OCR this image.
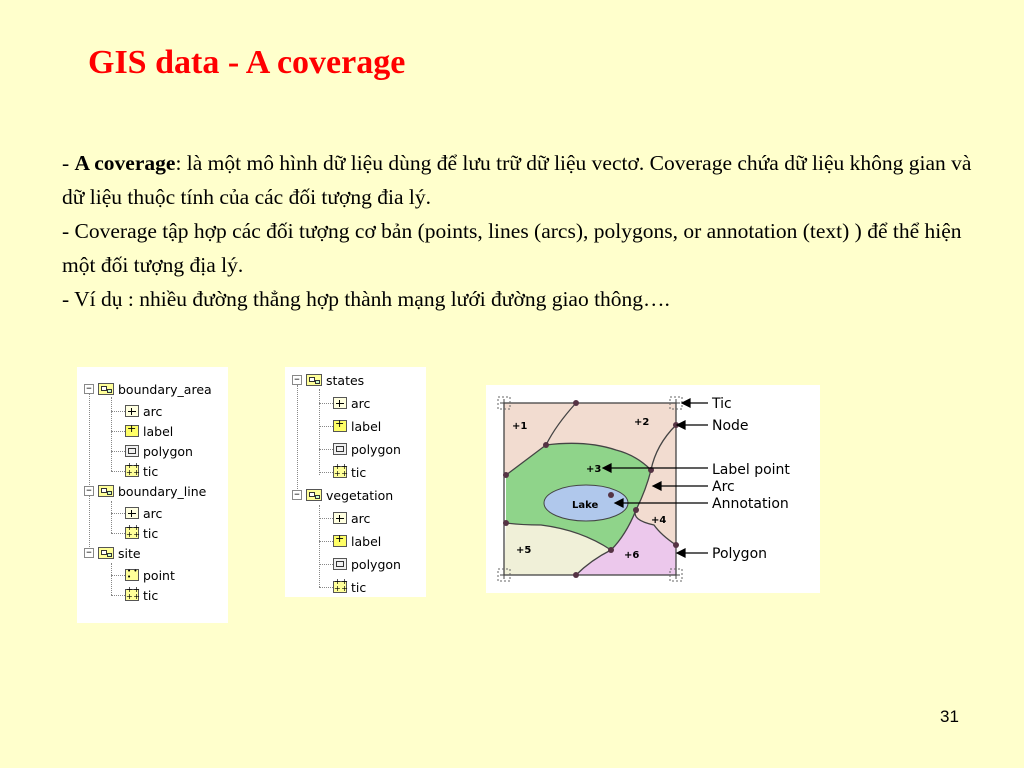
GIS data - A coverage

- A coverage: là một mô hình dữ liệu dùng để lưu trữ dữ liệu vectơ. Coverage chứa dữ liệu không gian và dữ liệu thuộc tính của các đối tượng đia lý.

- Coverage tập hợp các đối tượng cơ bản (points, lines (arcs), polygons, or annotation (text) ) để thể hiện một đối tượng địa lý.

- Ví dụ : nhiều đường thẳng hợp thành mạng lưới đường giao thông….

− boundary_area
arc
+
label
polygon
+ + + +
tic
− boundary_line
arc
+ + + +
tic
− site
• • •
point
+ + + +
tic
− states
arc
+
label
polygon
+ + + +
tic
− vegetation
arc
+
label
polygon
+ + + +
tic
+1	+2
+3
+4
+5	+6
Lake
Tic
Node
Label point
Arc
Annotation
Polygon
31
